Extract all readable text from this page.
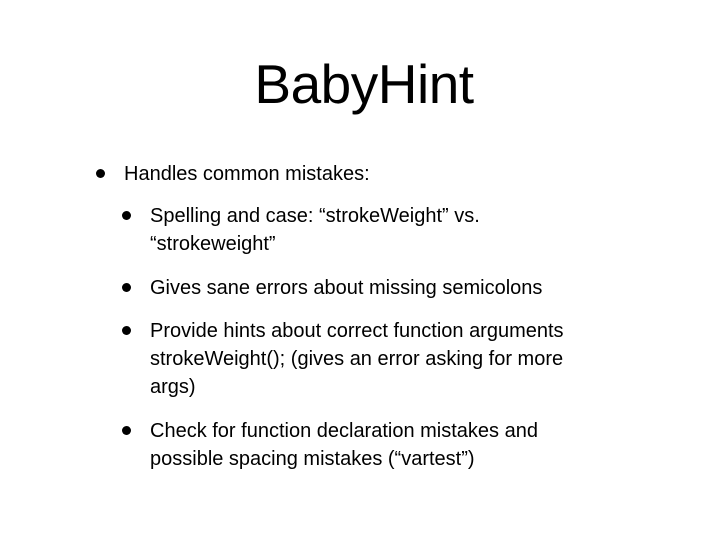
BabyHint
Handles common mistakes:
Spelling and case: “strokeWeight” vs.
“strokeweight”
Gives sane errors about missing semicolons
Provide hints about correct function arguments
strokeWeight(); (gives an error asking for more
args)
Check for function declaration mistakes and
possible spacing mistakes (“vartest”)
